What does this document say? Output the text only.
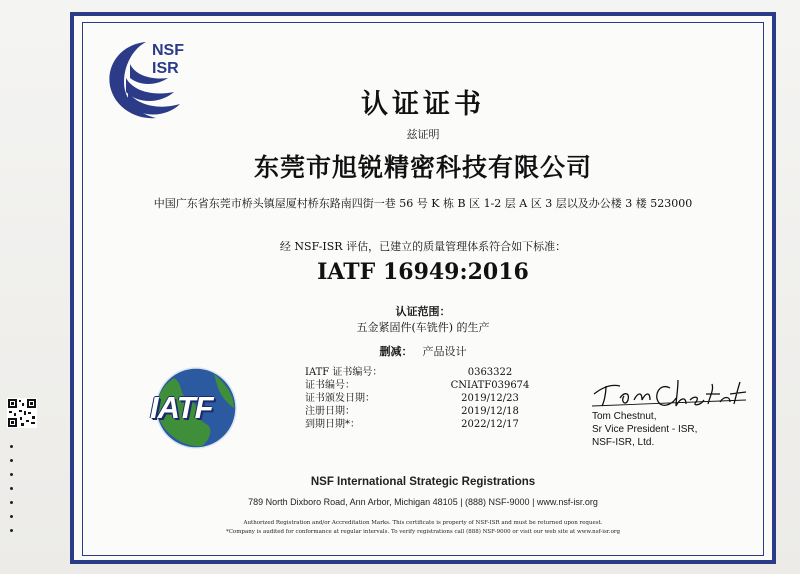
NSF
ISR
认证证书
兹证明
东莞市旭锐精密科技有限公司
中国广东省东莞市桥头镇屋厦村桥东路南四街一巷 56 号 K 栋 B 区 1-2 层 A 区 3 层以及办公楼 3 楼 523000
经 NSF-ISR 评估，已建立的质量管理体系符合如下标准：
IATF 16949:2016
认证范围：
五金紧固件(车铣件) 的生产
删减： 产品设计
IATF
IATF 证书编号：	0363322
证书编号：	CNIATF039674
证书颁发日期：	2019/12/23
注册日期：	2019/12/18
到期日期*：	2022/12/17
Tom Chestnut,
Sr Vice President - ISR,
NSF-ISR, Ltd.
NSF International Strategic Registrations
789 North Dixboro Road, Ann Arbor, Michigan 48105 | (888) NSF-9000 | www.nsf-isr.org
Authorized Registration and/or Accreditation Marks. This certificate is property of NSF-ISR and must be returned upon request.
*Company is audited for conformance at regular intervals. To verify registrations call (888) NSF-9000 or visit our web site at www.nsf-isr.org
